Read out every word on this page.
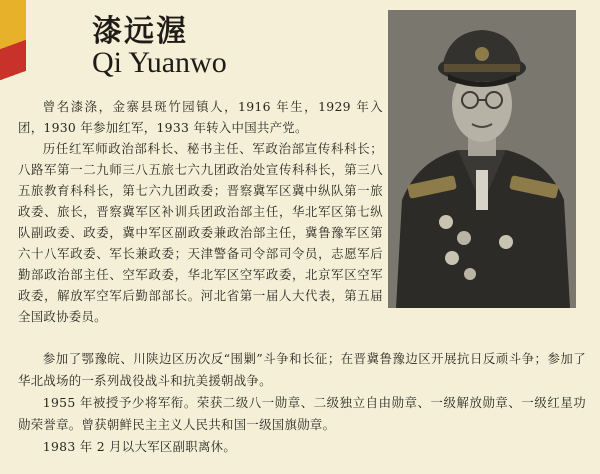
漆远渥
Qi Yuanwo

曾名漆涤，金寨县斑竹园镇人，1916 年生，1929 年入团，1930 年参加红军，1933 年转入中国共产党。

历任红军师政治部科长、秘书主任、军政治部宣传科科长；八路军第一二九师三八五旅七六九团政治处宣传科科长，第三八五旅教育科科长，第七六九团政委；晋察冀军区冀中纵队第一旅政委、旅长，晋察冀军区补训兵团政治部主任，华北军区第七纵队副政委、政委，冀中军区副政委兼政治部主任，冀鲁豫军区第六十八军政委、军长兼政委；天津警备司令部司令员，志愿军后勤部政治部主任、空军政委，华北军区空军政委，北京军区空军政委，解放军空军后勤部部长。河北省第一届人大代表，第五届全国政协委员。

参加了鄂豫皖、川陕边区历次反“围剿”斗争和长征；在晋冀鲁豫边区开展抗日反顽斗争；参加了华北战场的一系列战役战斗和抗美援朝战争。

1955 年被授予少将军衔。荣获二级八一勋章、二级独立自由勋章、一级解放勋章、一级红星功勋荣誉章。曾获朝鲜民主主义人民共和国一级国旗勋章。

1983 年 2 月以大军区副职离休。
